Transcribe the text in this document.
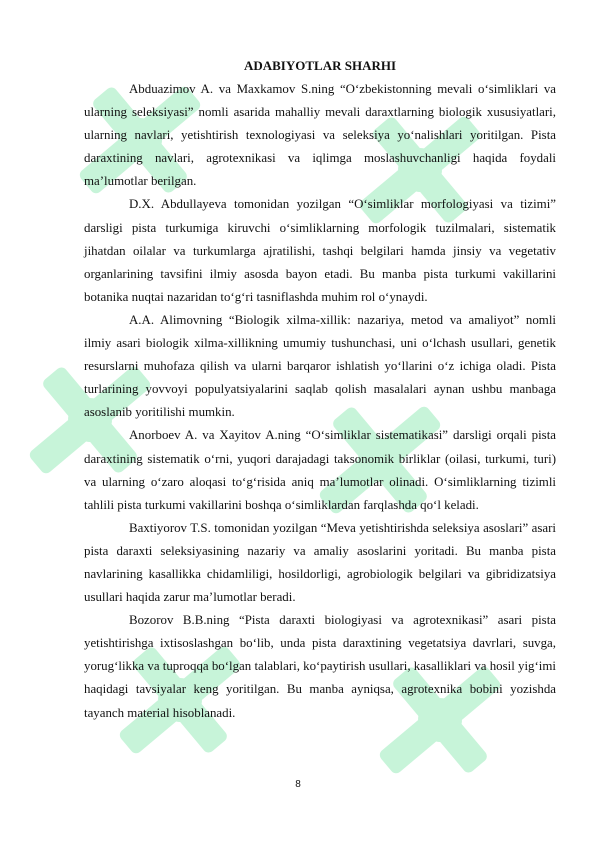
ADABIYOTLAR SHARHI

Abduazimov A. va Maxkamov S.ning “O‘zbekistonning mevali o‘simliklari va ularning seleksiyasi” nomli asarida mahalliy mevali daraxtlarning biologik xususiyatlari, ularning navlari, yetishtirish texnologiyasi va seleksiya yo‘nalishlari yoritilgan. Pista daraxtining navlari, agrotexnikasi va iqlimga moslashuvchanligi haqida foydali ma’lumotlar berilgan.

D.X. Abdullayeva tomonidan yozilgan “O‘simliklar morfologiyasi va tizimi” darsligi pista turkumiga kiruvchi o‘simliklarning morfologik tuzilmalari, sistematik jihatdan oilalar va turkumlarga ajratilishi, tashqi belgilari hamda jinsiy va vegetativ organlarining tavsifini ilmiy asosda bayon etadi. Bu manba pista turkumi vakillarini botanika nuqtai nazaridan to‘g‘ri tasniflashda muhim rol o‘ynaydi.

A.A. Alimovning “Biologik xilma-xillik: nazariya, metod va amaliyot” nomli ilmiy asari biologik xilma-xillikning umumiy tushunchasi, uni o‘lchash usullari, genetik resurslarni muhofaza qilish va ularni barqaror ishlatish yo‘llarini o‘z ichiga oladi. Pista turlarining yovvoyi populyatsiyalarini saqlab qolish masalalari aynan ushbu manbaga asoslanib yoritilishi mumkin.

Anorboev A. va Xayitov A.ning “O‘simliklar sistematikasi” darsligi orqali pista daraxtining sistematik o‘rni, yuqori darajadagi taksonomik birliklar (oilasi, turkumi, turi) va ularning o‘zaro aloqasi to‘g‘risida aniq ma’lumotlar olinadi. O‘simliklarning tizimli tahlili pista turkumi vakillarini boshqa o‘simliklardan farqlashda qo‘l keladi.

Baxtiyorov T.S. tomonidan yozilgan “Meva yetishtirishda seleksiya asoslari” asari pista daraxti seleksiyasining nazariy va amaliy asoslarini yoritadi. Bu manba pista navlarining kasallikka chidamliligi, hosildorligi, agrobiologik belgilari va gibridizatsiya usullari haqida zarur ma’lumotlar beradi.

Bozorov B.B.ning “Pista daraxti biologiyasi va agrotexnikasi” asari pista yetishtirishga ixtisoslashgan bo‘lib, unda pista daraxtining vegetatsiya davrlari, suvga, yorug‘likka va tuproqqa bo‘lgan talablari, ko‘paytirish usullari, kasalliklari va hosil yig‘imi haqidagi tavsiyalar keng yoritilgan. Bu manba ayniqsa, agrotexnika bobini yozishda tayanch material hisoblanadi.

8
